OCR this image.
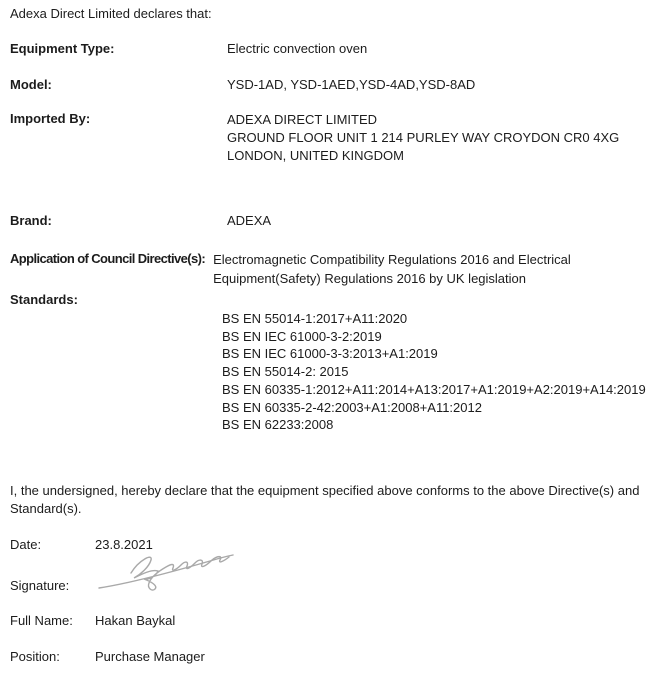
Adexa Direct Limited declares that:
Equipment Type:	Electric convection oven
Model:	YSD-1AD, YSD-1AED,YSD-4AD,YSD-8AD
Imported By:	ADEXA DIRECT LIMITED
GROUND FLOOR UNIT 1 214 PURLEY WAY CROYDON CR0 4XG
LONDON, UNITED KINGDOM
Brand:	ADEXA
Application of Council Directive(s): Electromagnetic Compatibility Regulations 2016 and Electrical Equipment(Safety) Regulations 2016 by UK legislation
Standards:
BS EN 55014-1:2017+A11:2020
BS EN IEC 61000-3-2:2019
BS EN IEC 61000-3-3:2013+A1:2019
BS EN 55014-2: 2015
BS EN 60335-1:2012+A11:2014+A13:2017+A1:2019+A2:2019+A14:2019
BS EN 60335-2-42:2003+A1:2008+A11:2012
BS EN 62233:2008
I, the undersigned, hereby declare that the equipment specified above conforms to the above Directive(s) and Standard(s).
Date:	23.8.2021
Signature:
Full Name:	Hakan Baykal
Position:	Purchase Manager
